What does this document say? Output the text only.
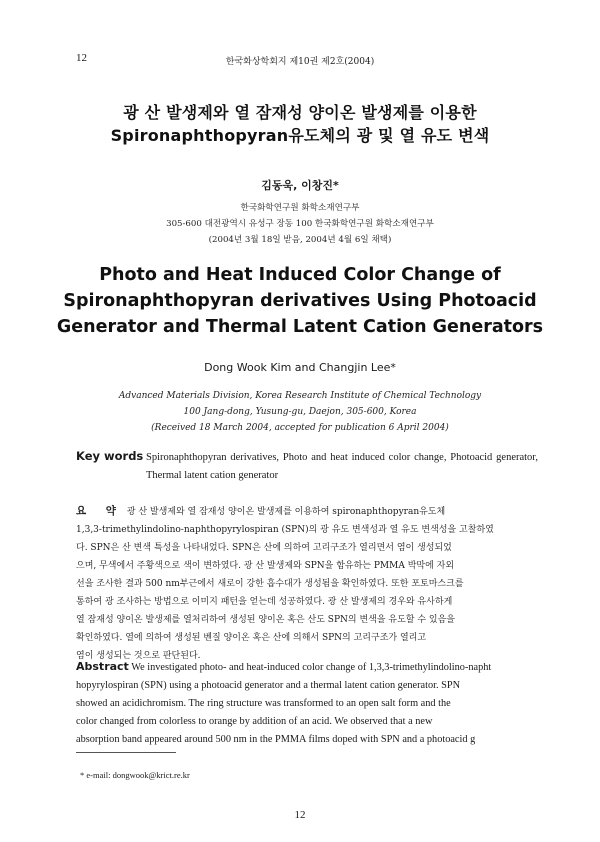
12	한국화상학회지 제10권 제2호(2004)
광 산 발생제와 열 잠재성 양이온 발생제를 이용한
Spironaphthopyran유도체의 광 및 열 유도 변색
김동욱, 이창진*
한국화학연구원 화학소재연구부
305-600 대전광역시 유성구 장동 100 한국화학연구원 화학소재연구부
(2004년 3월 18일 받음, 2004년 4월 6일 채택)
Photo and Heat Induced Color Change of
Spironaphthopyran derivatives Using Photoacid
Generator and Thermal Latent Cation Generators
Dong Wook Kim and Changjin Lee*
Advanced Materials Division, Korea Research Institute of Chemical Technology
100 Jang-dong, Yusung-gu, Daejon, 305-600, Korea
(Received 18 March 2004, accepted for publication 6 April 2004)
Key words Spironaphthopyran derivatives, Photo and heat induced color change, Photoacid generator, Thermal latent cation generator
요 약 광 산 발생제와 열 잠재성 양이온 발생제를 이용하여 spironaphthopyran유도체
1,3,3-trimethylindolino-naphthopyrylospiran (SPN)의 광 유도 변색성과 열 유도 변색성을 고찰하였
다. SPN은 산 변색 특성을 나타내었다. SPN은 산에 의하여 고리구조가 열리면서 염이 생성되었
으며, 무색에서 주황색으로 색이 변하였다. 광 산 발생제와 SPN을 함유하는 PMMA 박막에 자외
선을 조사한 결과 500 nm부근에서 새로이 강한 흡수대가 생성됨을 확인하였다. 또한 포토마스크를
통하여 광 조사하는 방법으로 이미지 패턴을 얻는데 성공하였다. 광 산 발생제의 경우와 유사하게
열 잠재성 양이온 발생제를 열처리하여 생성된 양이온 혹은 산도 SPN의 변색을 유도할 수 있음을
확인하였다. 열에 의하여 생성된 벤질 양이온 혹은 산에 의해서 SPN의 고리구조가 열리고
염이 생성되는 것으로 판단된다.
Abstract We investigated photo- and heat-induced color change of 1,3,3-trimethylindolino-napht
hopyrylospiran (SPN) using a photoacid generator and a thermal latent cation generator. SPN
showed an acidichromism. The ring structure was transformed to an open salt form and the
color changed from colorless to orange by addition of an acid. We observed that a new
absorption band appeared around 500 nm in the PMMA films doped with SPN and a photoacid g
* e-mail: dongwook@krict.re.kr
12
